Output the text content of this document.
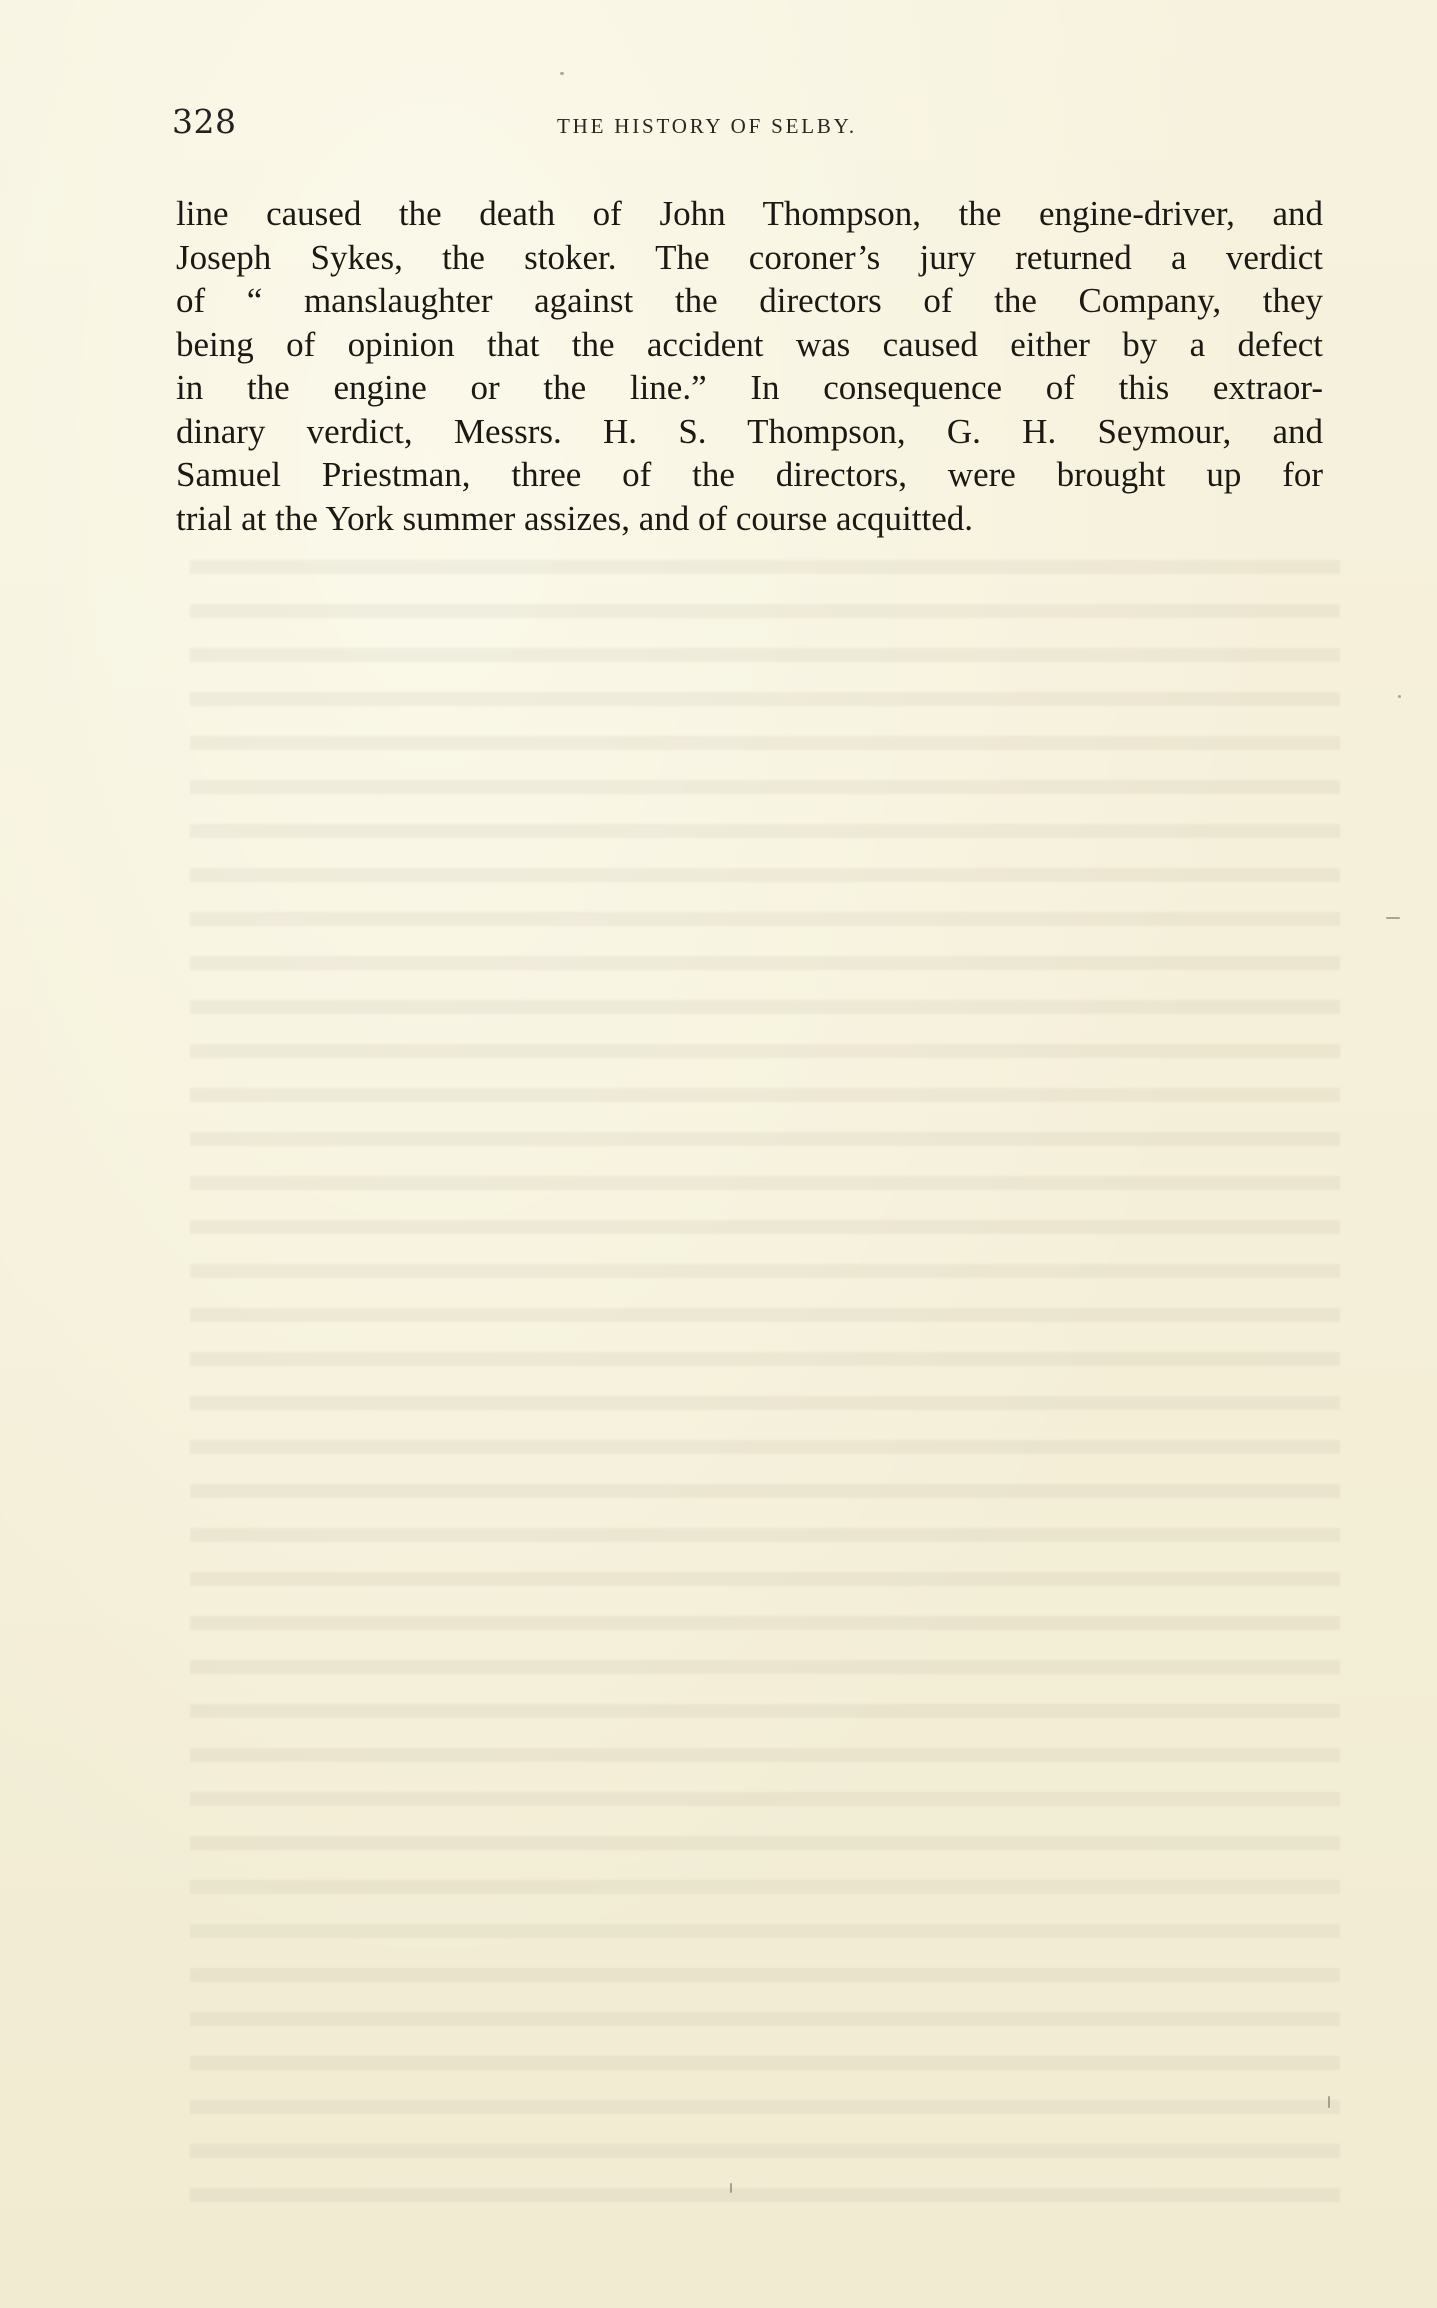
328	THE HISTORY OF SELBY.
line caused the death of John Thompson, the engine-driver, and
Joseph Sykes, the stoker. The coroner’s jury returned a verdict
of “ manslaughter against the directors of the Company, they
being of opinion that the accident was caused either by a defect
in the engine or the line.” In consequence of this extraor-
dinary verdict, Messrs. H. S. Thompson, G. H. Seymour, and
Samuel Priestman, three of the directors, were brought up for
trial at the York summer assizes, and of course acquitted.
